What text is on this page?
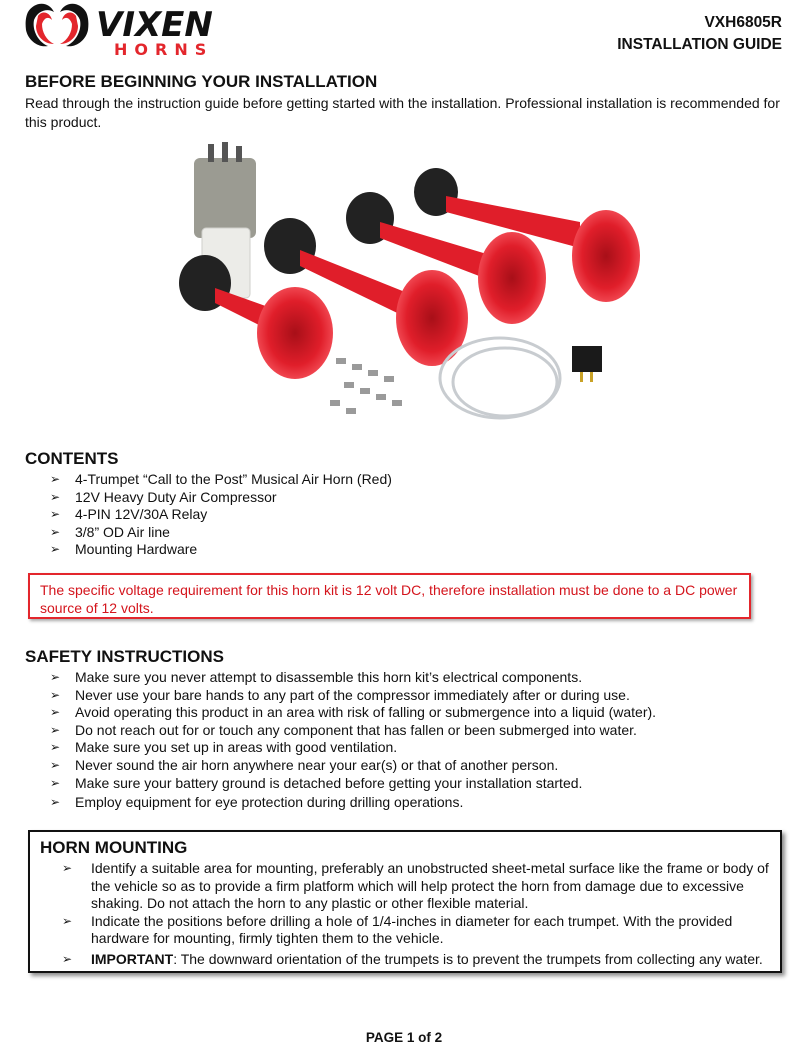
VIXEN
HORNS
VXH6805R
INSTALLATION GUIDE
BEFORE BEGINNING YOUR INSTALLATION

Read through the instruction guide before getting started with the installation. Professional installation is recommended for this product.

CONTENTS
➢ 4-Trumpet “Call to the Post” Musical Air Horn (Red)
➢ 12V Heavy Duty Air Compressor
➢ 4-PIN 12V/30A Relay
➢ 3/8” OD Air line
➢ Mounting Hardware
The specific voltage requirement for this horn kit is 12 volt DC, therefore installation must be done to a DC power source of 12 volts.
SAFETY INSTRUCTIONS
➢ Make sure you never attempt to disassemble this horn kit’s electrical components.
➢ Never use your bare hands to any part of the compressor immediately after or during use.
➢ Avoid operating this product in an area with risk of falling or submergence into a liquid (water).
➢ Do not reach out for or touch any component that has fallen or been submerged into water.
➢ Make sure you set up in areas with good ventilation.
➢ Never sound the air horn anywhere near your ear(s) or that of another person.
➢ Make sure your battery ground is detached before getting your installation started.
➢ Employ equipment for eye protection during drilling operations.
HORN MOUNTING
➢ Identify a suitable area for mounting, preferably an unobstructed sheet-metal surface like the frame or body of the vehicle so as to provide a firm platform which will help protect the horn from damage due to excessive shaking. Do not attach the horn to any plastic or other flexible material.
➢ Indicate the positions before drilling a hole of 1/4-inches in diameter for each trumpet. With the provided hardware for mounting, firmly tighten them to the vehicle.
➢ IMPORTANT: The downward orientation of the trumpets is to prevent the trumpets from collecting any water.
PAGE 1 of 2
